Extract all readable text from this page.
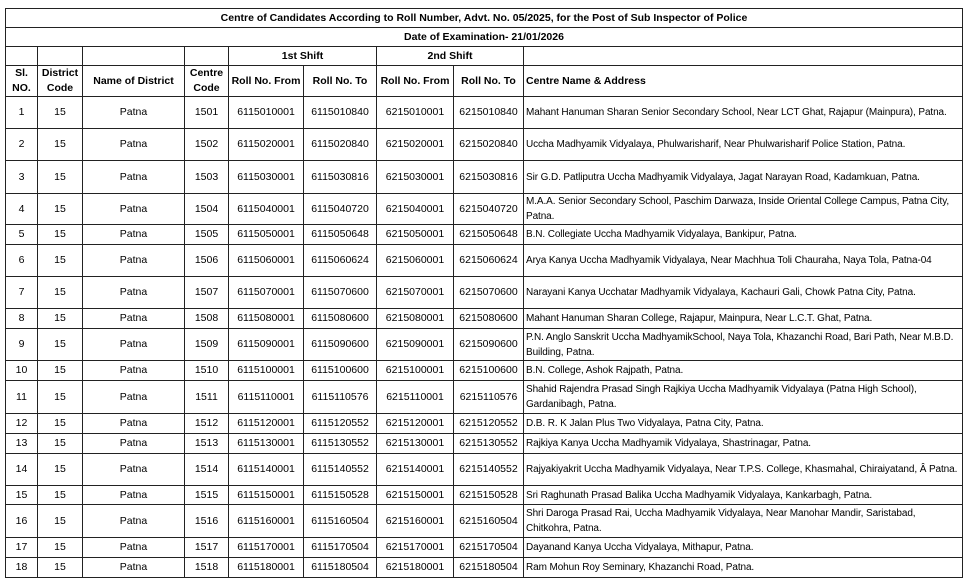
Centre of Candidates According to Roll Number, Advt. No. 05/2025, for the Post of Sub Inspector of Police								
Date of Examination- 21/01/2026								
				1st Shift		2nd Shift		
Sl. NO.	District Code	Name of District	Centre Code	Roll No. From	Roll No. To	Roll No. From	Roll No. To	Centre Name & Address
1	15	Patna	1501	6115010001	6115010840	6215010001	6215010840	Mahant Hanuman Sharan Senior Secondary School, Near LCT Ghat, Rajapur (Mainpura), Patna.
2	15	Patna	1502	6115020001	6115020840	6215020001	6215020840	Uccha Madhyamik Vidyalaya, Phulwarisharif, Near Phulwarisharif Police Station, Patna.
3	15	Patna	1503	6115030001	6115030816	6215030001	6215030816	Sir G.D. Patliputra Uccha Madhyamik Vidyalaya, Jagat Narayan Road, Kadamkuan, Patna.
4	15	Patna	1504	6115040001	6115040720	6215040001	6215040720	M.A.A. Senior Secondary School, Paschim Darwaza, Inside Oriental College Campus, Patna City, Patna.
5	15	Patna	1505	6115050001	6115050648	6215050001	6215050648	B.N. Collegiate Uccha Madhyamik Vidyalaya, Bankipur, Patna.
6	15	Patna	1506	6115060001	6115060624	6215060001	6215060624	Arya Kanya Uccha Madhyamik Vidyalaya, Near Machhua Toli Chauraha, Naya Tola, Patna-04
7	15	Patna	1507	6115070001	6115070600	6215070001	6215070600	Narayani Kanya Ucchatar Madhyamik Vidyalaya, Kachauri Gali, Chowk Patna City, Patna.
8	15	Patna	1508	6115080001	6115080600	6215080001	6215080600	Mahant Hanuman Sharan College, Rajapur, Mainpura, Near L.C.T. Ghat, Patna.
9	15	Patna	1509	6115090001	6115090600	6215090001	6215090600	P.N. Anglo Sanskrit Uccha MadhyamikSchool, Naya Tola, Khazanchi Road, Bari Path, Near M.B.D. Building, Patna.
10	15	Patna	1510	6115100001	6115100600	6215100001	6215100600	B.N. College, Ashok Rajpath, Patna.
11	15	Patna	1511	6115110001	6115110576	6215110001	6215110576	Shahid Rajendra Prasad Singh Rajkiya Uccha Madhyamik Vidyalaya (Patna High School), Gardanibagh, Patna.
12	15	Patna	1512	6115120001	6115120552	6215120001	6215120552	D.B. R. K Jalan Plus Two Vidyalaya, Patna City, Patna.
13	15	Patna	1513	6115130001	6115130552	6215130001	6215130552	Rajkiya Kanya Uccha Madhyamik Vidyalaya, Shastrinagar, Patna.
14	15	Patna	1514	6115140001	6115140552	6215140001	6215140552	Rajyakiyakrit Uccha Madhyamik Vidyalaya, Near T.P.S. College, Khasmahal, Chiraiyatand, Â Patna.
15	15	Patna	1515	6115150001	6115150528	6215150001	6215150528	Sri Raghunath Prasad Balika Uccha Madhyamik Vidyalaya, Kankarbagh, Patna.
16	15	Patna	1516	6115160001	6115160504	6215160001	6215160504	Shri Daroga Prasad Rai, Uccha Madhyamik Vidyalaya, Near Manohar Mandir, Saristabad, Chitkohra, Patna.
17	15	Patna	1517	6115170001	6115170504	6215170001	6215170504	Dayanand Kanya Uccha Vidyalaya, Mithapur, Patna.
18	15	Patna	1518	6115180001	6115180504	6215180001	6215180504	Ram Mohun Roy Seminary, Khazanchi Road, Patna.
